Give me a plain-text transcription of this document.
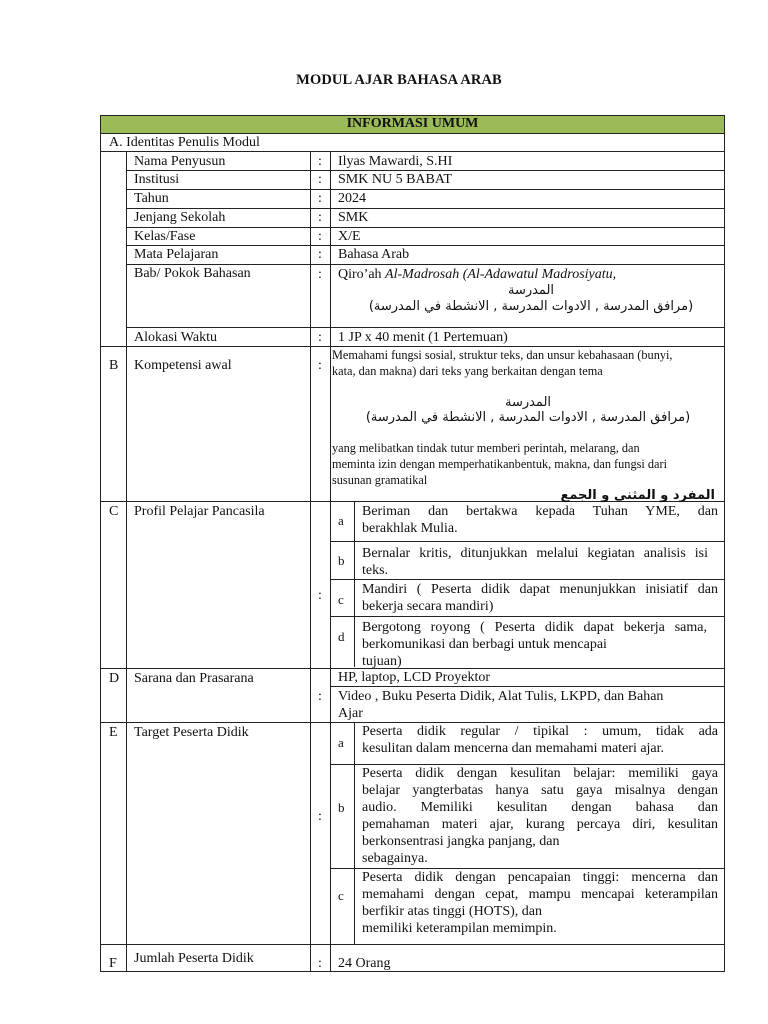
MODUL AJAR BAHASA ARAB
INFORMASI UMUM
A. Identitas Penulis Modul
Nama Penyusun	: Ilyas Mawardi, S.HI
Institusi	: SMK NU 5 BABAT
Tahun	: 2024
Jenjang Sekolah	: SMK
Kelas/Fase	: X/E
Mata Pelajaran	: Bahasa Arab
Bab/ Pokok Bahasan	: Qiro’ah Al-Madrosah (Al-Adawatul Madrosiyatu,
المدرسة
(مرافق المدرسة , الادوات المدرسة , الانشطة في المدرسة)
Alokasi Waktu	: 1 JP x 40 menit (1 Pertemuan)
B Kompetensi awal	:
Memahami fungsi sosial, struktur teks, dan unsur kebahasaan (bunyi,
kata, dan makna) dari teks yang berkaitan dengan tema
المدرسة
(مرافق المدرسة , الادوات المدرسة , الانشطة في المدرسة)
yang melibatkan tindak tutur memberi perintah, melarang, dan
meminta izin dengan memperhatikanbentuk, makna, dan fungsi dari
susunan gramatikal
المفرد و المثنى و الجمع
C Profil Pelajar Pancasila
:
a
Beriman dan bertakwa kepada Tuhan YME, dan
berakhlak Mulia.
b Bernalar kritis, ditunjukkan melalui kegiatan analisis isi
teks.
c
Mandiri ( Peserta didik dapat menunjukkan inisiatif dan
bekerja secara mandiri)
d
Bergotong royong ( Peserta didik dapat bekerja sama,
berkomunikasi dan berbagi untuk mencapai
tujuan)
D Sarana dan Prasarana
:
HP, laptop, LCD Proyektor
Video , Buku Peserta Didik, Alat Tulis, LKPD, dan Bahan
Ajar
E Target Peserta Didik
:
a
Peserta didik regular / tipikal : umum, tidak ada
kesulitan dalam mencerna dan memahami materi ajar.
b
Peserta didik dengan kesulitan belajar: memiliki gaya
belajar yangterbatas hanya satu gaya misalnya dengan
audio. Memiliki kesulitan dengan bahasa dan
pemahaman materi ajar, kurang percaya diri, kesulitan
berkonsentrasi jangka panjang, dan
sebagainya.
c
Peserta didik dengan pencapaian tinggi: mencerna dan
memahami dengan cepat, mampu mencapai keterampilan
berfikir atas tinggi (HOTS), dan
memiliki keterampilan memimpin.
F Jumlah Peserta Didik	: 24 Orang
